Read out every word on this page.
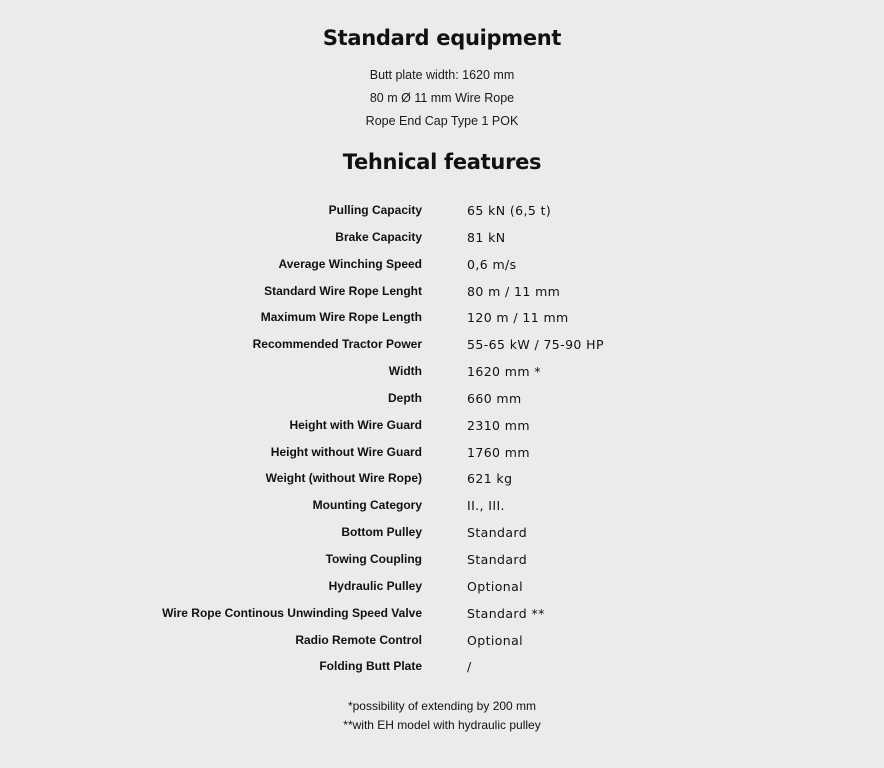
Standard equipment
Butt plate width: 1620 mm
80 m Ø 11 mm Wire Rope
Rope End Cap Type 1 POK
Tehnical features
Pulling Capacity	65 kN (6,5 t)
Brake Capacity	81 kN
Average Winching Speed	0,6 m/s
Standard Wire Rope Lenght	80 m / 11 mm
Maximum Wire Rope Length	120 m / 11 mm
Recommended Tractor Power	55-65 kW / 75-90 HP
Width	1620 mm *
Depth	660 mm
Height with Wire Guard	2310 mm
Height without Wire Guard	1760 mm
Weight (without Wire Rope)	621 kg
Mounting Category	II., III.
Bottom Pulley	Standard
Towing Coupling	Standard
Hydraulic Pulley	Optional
Wire Rope Continous Unwinding Speed Valve	Standard **
Radio Remote Control	Optional
Folding Butt Plate	/
*possibility of extending by 200 mm
**with EH model with hydraulic pulley
